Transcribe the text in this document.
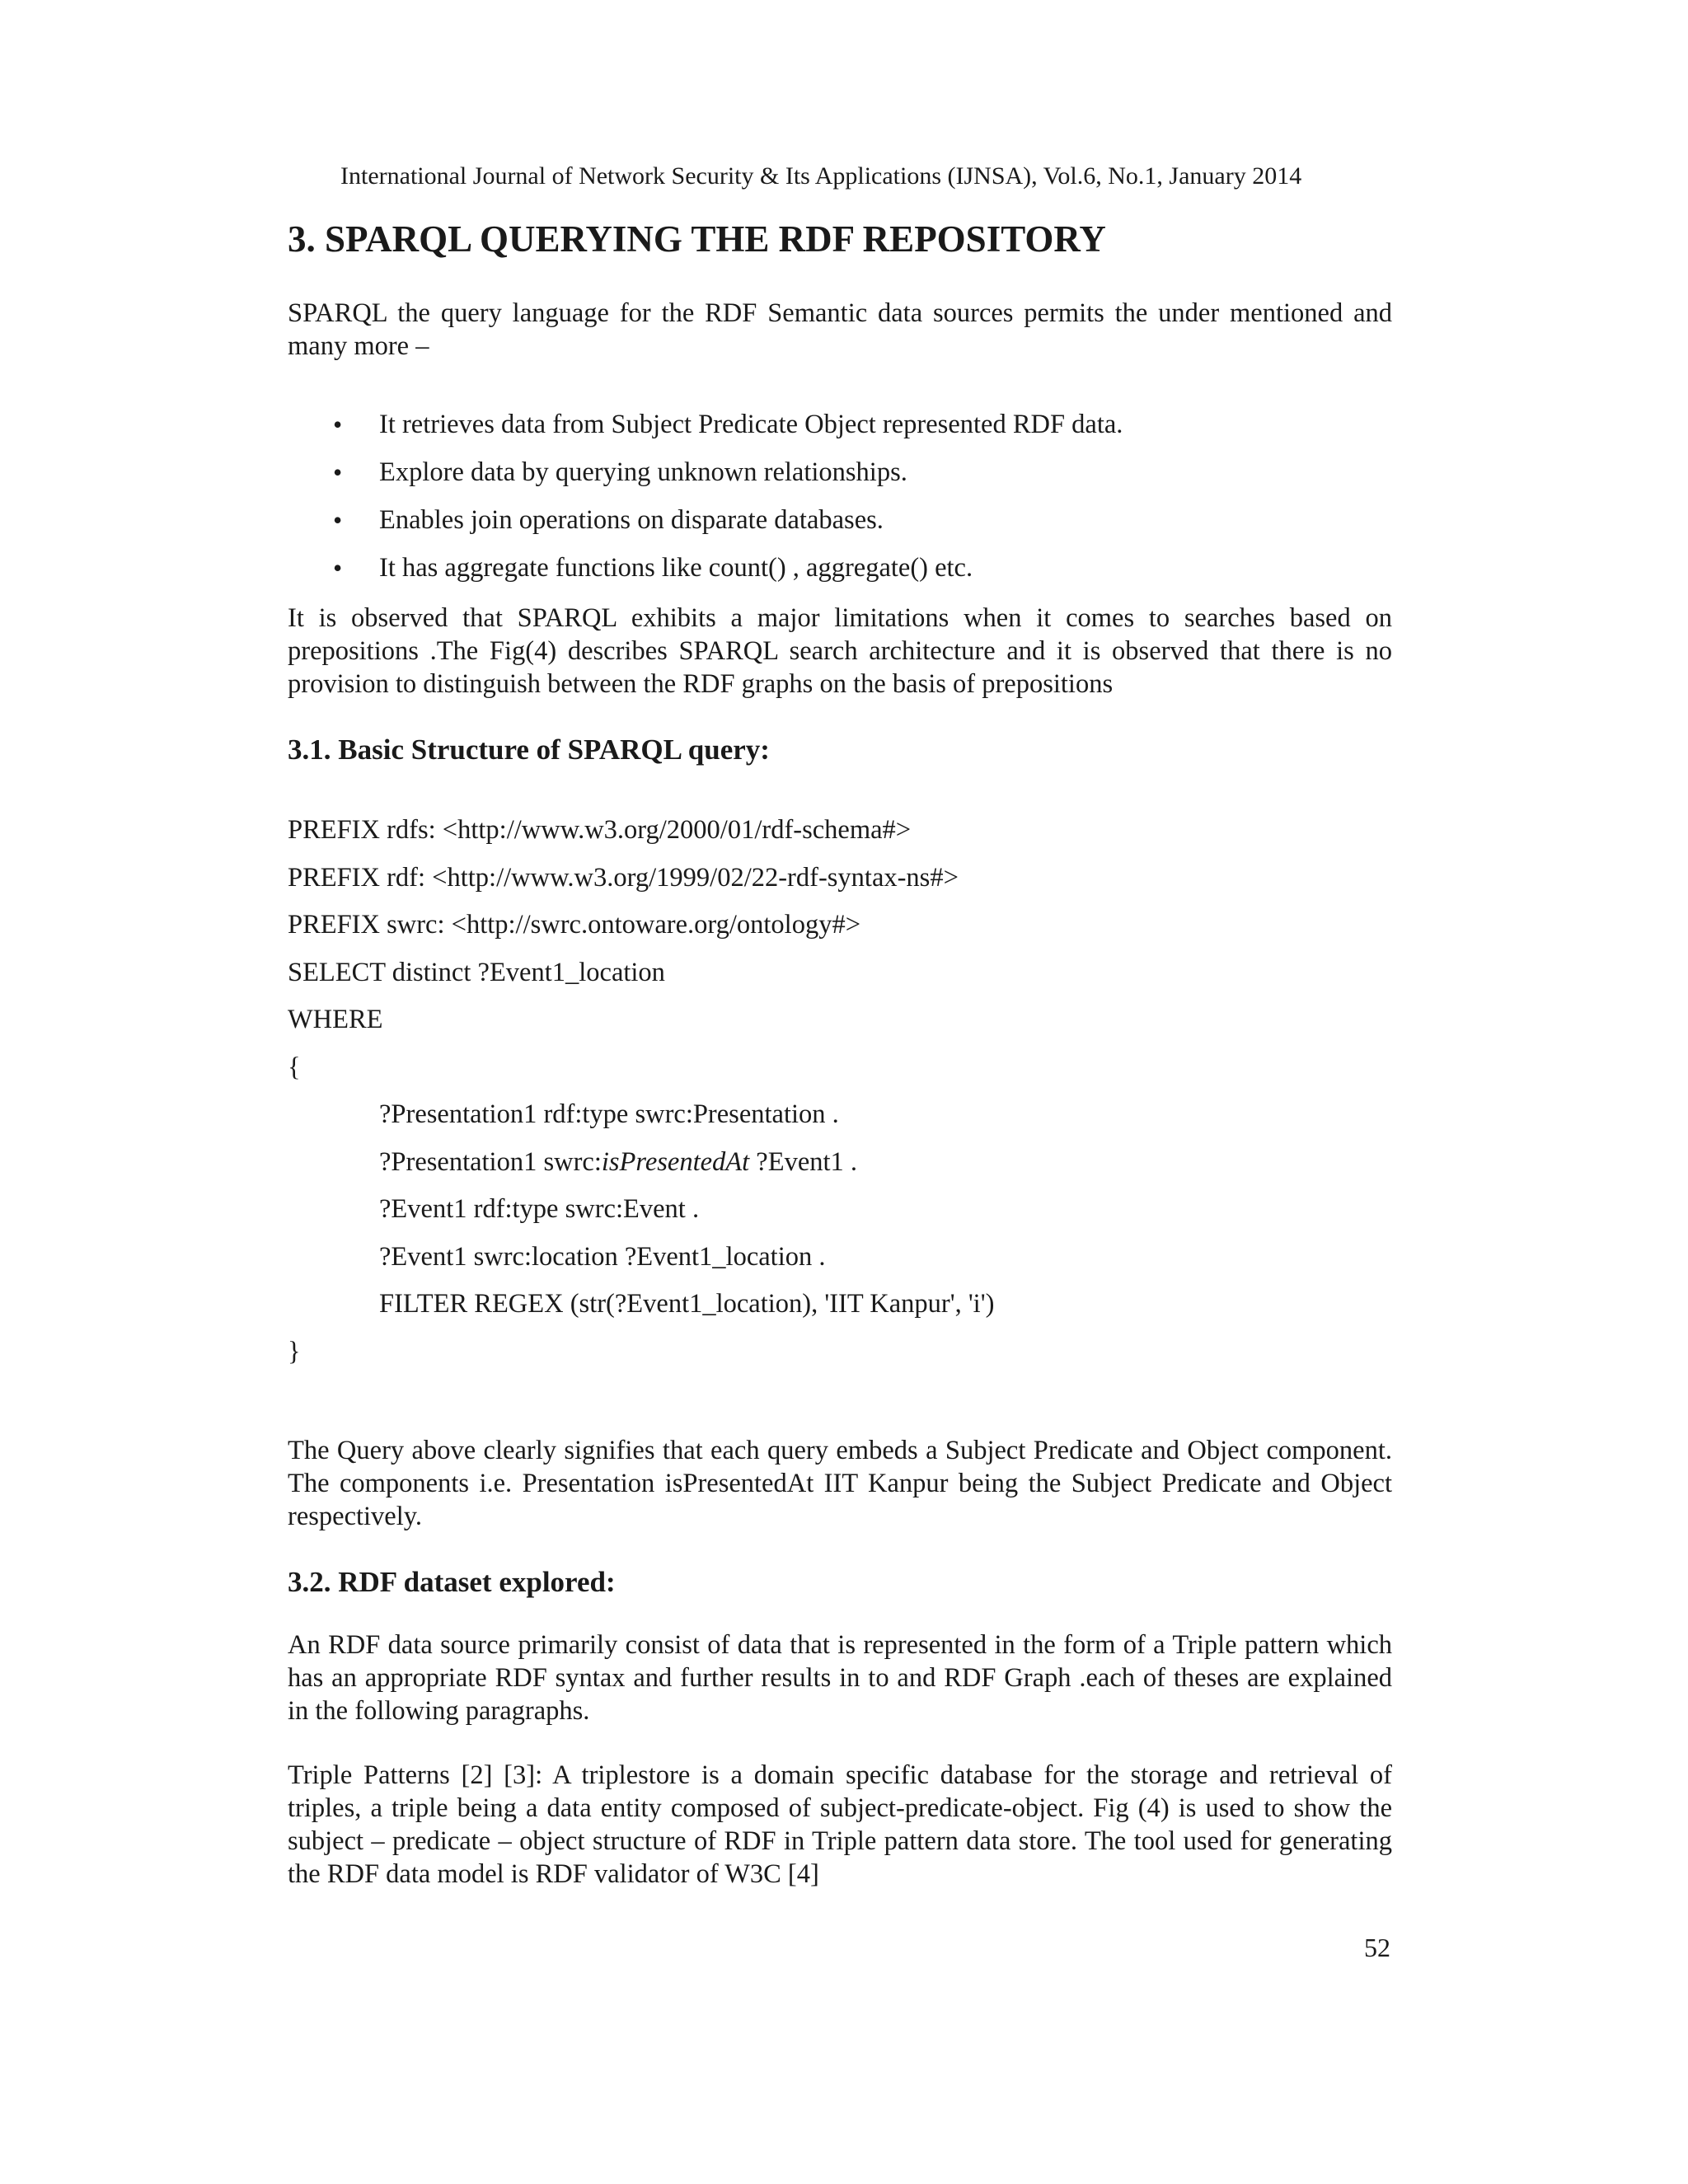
International Journal of Network Security & Its Applications (IJNSA), Vol.6, No.1, January 2014
3. SPARQL QUERYING THE RDF REPOSITORY

SPARQL the query language for the RDF Semantic data sources permits the under mentioned and many more –

• It retrieves data from Subject Predicate Object represented RDF data.
• Explore data by querying unknown relationships.
• Enables join operations on disparate databases.
• It has aggregate functions like count() , aggregate() etc.

It is observed that SPARQL exhibits a major limitations when it comes to searches based on prepositions .The Fig(4) describes SPARQL search architecture and it is observed that there is no provision to distinguish between the RDF graphs on the basis of prepositions

3.1. Basic Structure of SPARQL query:
PREFIX rdfs: <http://www.w3.org/2000/01/rdf-schema#>
PREFIX rdf: <http://www.w3.org/1999/02/22-rdf-syntax-ns#>
PREFIX swrc: <http://swrc.ontoware.org/ontology#>
SELECT distinct ?Event1_location
WHERE
{
?Presentation1 rdf:type swrc:Presentation .
?Presentation1 swrc:isPresentedAt ?Event1 .
?Event1 rdf:type swrc:Event .
?Event1 swrc:location ?Event1_location .
FILTER REGEX (str(?Event1_location), 'IIT Kanpur', 'i')
}

The Query above clearly signifies that each query embeds a Subject Predicate and Object component. The components i.e. Presentation isPresentedAt IIT Kanpur being the Subject Predicate and Object respectively.

3.2. RDF dataset explored:

An RDF data source primarily consist of data that is represented in the form of a Triple pattern which has an appropriate RDF syntax and further results in to and RDF Graph .each of theses are explained in the following paragraphs.

Triple Patterns [2] [3]: A triplestore is a domain specific database for the storage and retrieval of triples, a triple being a data entity composed of subject-predicate-object. Fig (4) is used to show the subject – predicate – object structure of RDF in Triple pattern data store. The tool used for generating the RDF data model is RDF validator of W3C [4]

52
